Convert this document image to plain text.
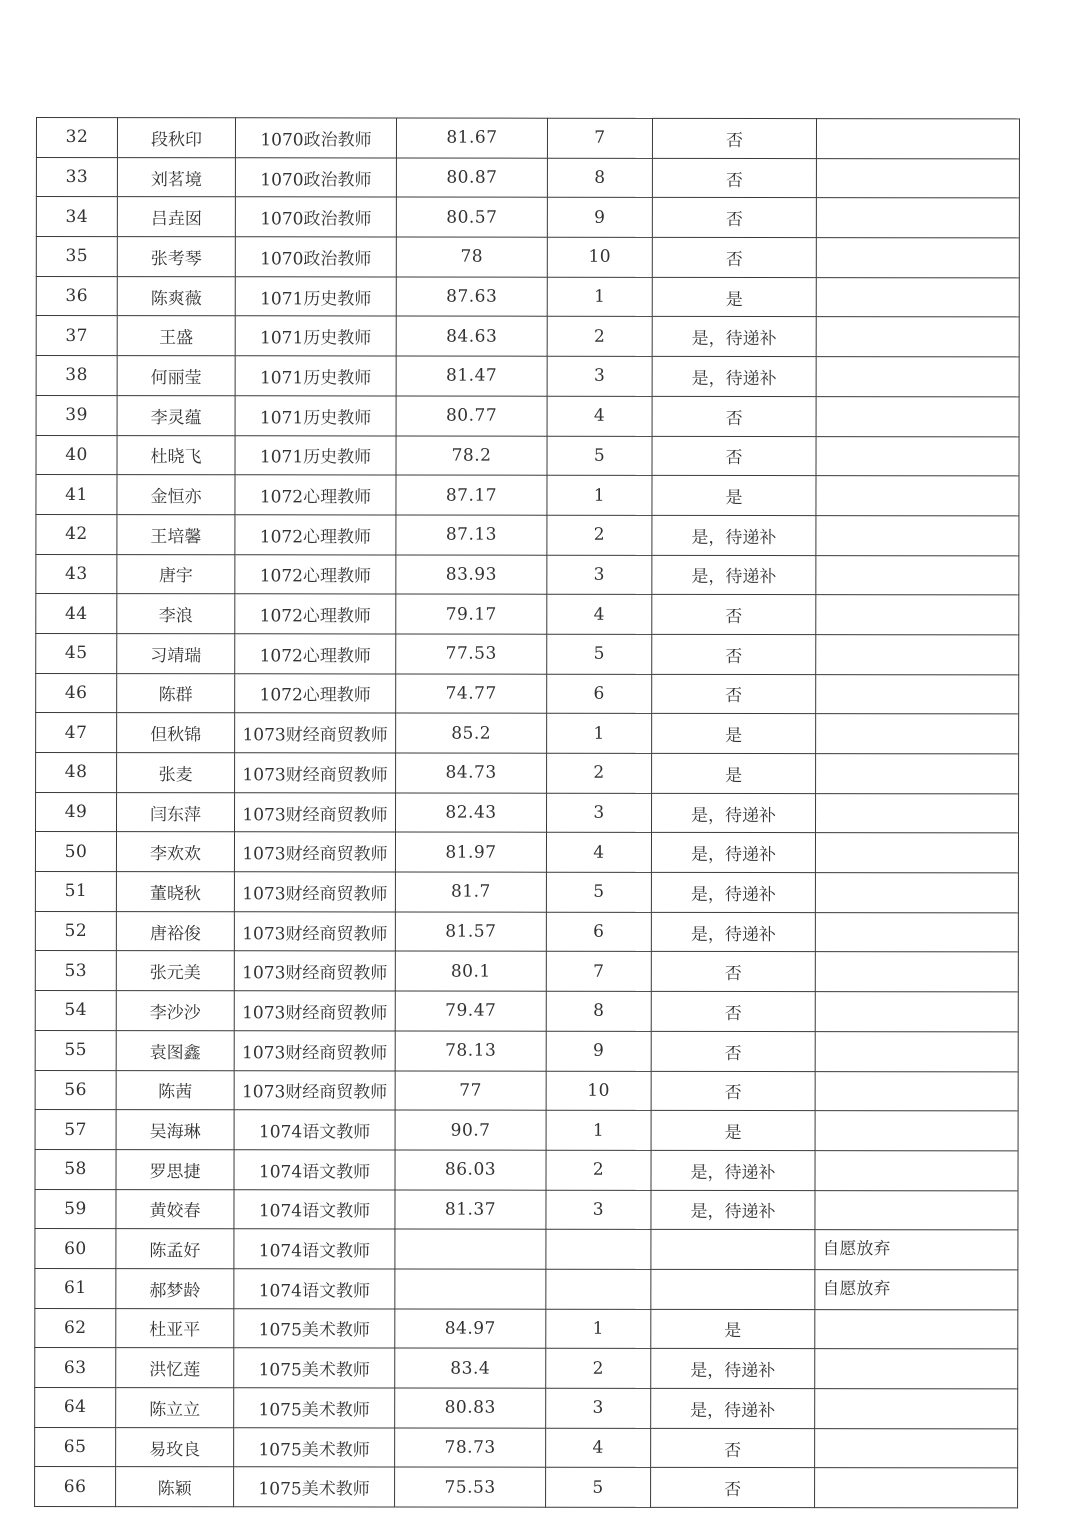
32	段秋印	1070政治教师	81.67	7	否	
33	刘茗境	1070政治教师	80.87	8	否	
34	吕垚囡	1070政治教师	80.57	9	否	
35	张考琴	1070政治教师	78	10	否	
36	陈爽薇	1071历史教师	87.63	1	是	
37	王盛	1071历史教师	84.63	2	是，待递补	
38	何丽莹	1071历史教师	81.47	3	是，待递补	
39	李灵蕴	1071历史教师	80.77	4	否	
40	杜晓飞	1071历史教师	78.2	5	否	
41	金恒亦	1072心理教师	87.17	1	是	
42	王培馨	1072心理教师	87.13	2	是，待递补	
43	唐宇	1072心理教师	83.93	3	是，待递补	
44	李浪	1072心理教师	79.17	4	否	
45	习靖瑞	1072心理教师	77.53	5	否	
46	陈群	1072心理教师	74.77	6	否	
47	但秋锦	1073财经商贸教师	85.2	1	是	
48	张麦	1073财经商贸教师	84.73	2	是	
49	闫东萍	1073财经商贸教师	82.43	3	是，待递补	
50	李欢欢	1073财经商贸教师	81.97	4	是，待递补	
51	董晓秋	1073财经商贸教师	81.7	5	是，待递补	
52	唐裕俊	1073财经商贸教师	81.57	6	是，待递补	
53	张元美	1073财经商贸教师	80.1	7	否	
54	李沙沙	1073财经商贸教师	79.47	8	否	
55	袁图鑫	1073财经商贸教师	78.13	9	否	
56	陈茜	1073财经商贸教师	77	10	否	
57	吴海琳	1074语文教师	90.7	1	是	
58	罗思捷	1074语文教师	86.03	2	是，待递补	
59	黄姣春	1074语文教师	81.37	3	是，待递补	
60	陈孟好	1074语文教师				自愿放弃
61	郝梦龄	1074语文教师				自愿放弃
62	杜亚平	1075美术教师	84.97	1	是	
63	洪忆莲	1075美术教师	83.4	2	是，待递补	
64	陈立立	1075美术教师	80.83	3	是，待递补	
65	易玫良	1075美术教师	78.73	4	否	
66	陈颖	1075美术教师	75.53	5	否	
